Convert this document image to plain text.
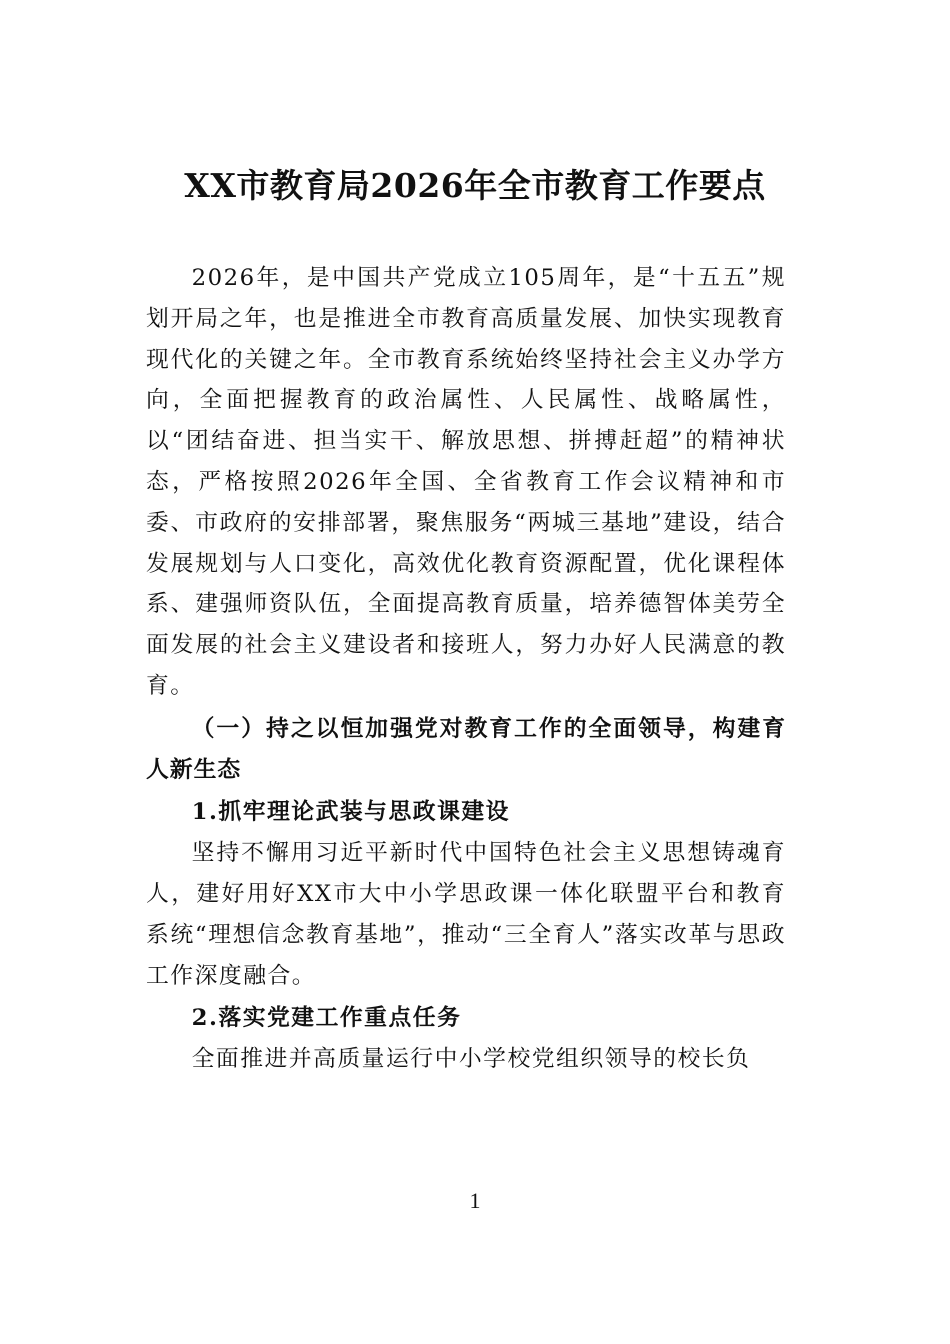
XX市教育局2026年全市教育工作要点

2026年，是中国共产党成立105周年，是“十五五”规划开局之年，也是推进全市教育高质量发展、加快实现教育现代化的关键之年。全市教育系统始终坚持社会主义办学方向，全面把握教育的政治属性、人民属性、战略属性，以“团结奋进、担当实干、解放思想、拼搏赶超”的精神状态，严格按照2026年全国、全省教育工作会议精神和市委、市政府的安排部署，聚焦服务“两城三基地”建设，结合发展规划与人口变化，高效优化教育资源配置，优化课程体系、建强师资队伍，全面提高教育质量，培养德智体美劳全面发展的社会主义建设者和接班人，努力办好人民满意的教育。

（一）持之以恒加强党对教育工作的全面领导，构建育人新生态

1.抓牢理论武装与思政课建设

坚持不懈用习近平新时代中国特色社会主义思想铸魂育人，建好用好XX市大中小学思政课一体化联盟平台和教育系统“理想信念教育基地”，推动“三全育人”落实改革与思政工作深度融合。

2.落实党建工作重点任务

全面推进并高质量运行中小学校党组织领导的校长负

1
